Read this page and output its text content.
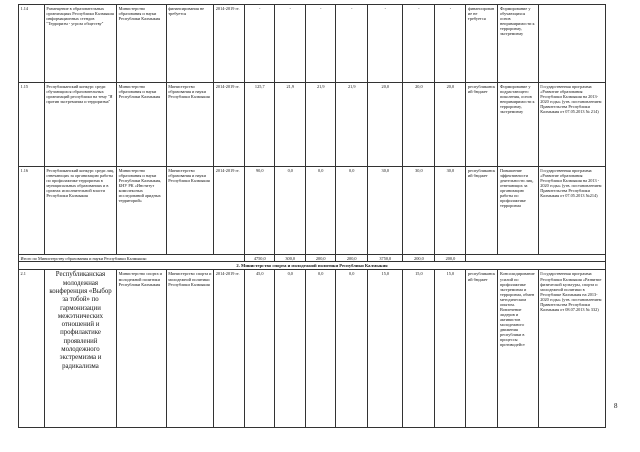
1.14	Размещение в образовательных организациях Республики Калмыкия информационных стендов "Терроризм - угроза обществу"	Министерство образования и науки Республики Калмыкия	финансирования не требуется	2014-2019 гг.	-	-	-	-	-	-	-	финансирование не требуется	Формирование у обучающихся основ непримиримости к терроризму, экстремизму	
1.15	Республиканский конкурс среди обучающихся образовательных организаций республики на тему "Я против экстремизма и терроризма"	Министерство образования и науки Республики Калмыкия	Министерство образования и науки Республики Калмыкия	2014-2019 гг.	125,7	21,9	21,9	21,9	20,0	20,0	20,0	республиканский бюджет	Формирование у подрастающего поколения, основ непримиримости к терроризму, экстремизму	Государственная программа «Развитие образования Республики Калмыкия на 2013-2020 годы» (утв. постановлением Правительства Республики Калмыкия от 07.05.2013 № 214)
1.16	Республиканский конкурс среди лиц, отвечающих за организацию работы по профилактике терроризма в муниципальных образованиях и в органах исполнительной власти Республики Калмыкия	Министерство образования и науки Республики Калмыкия, БНУ РК «Институт комплексных исследований аридных территорий»	Министерство образования и науки Республики Калмыкия	2014-2019 гг.	90,0	0,0	0,0	0,0	30,0	30,0	30,0	республиканский бюджет	Повышение эффективности деятельности лиц, отвечающих за организацию работы по профилактике терроризма	Государственная программа «Развитие образования Республики Калмыкия на 2013 - 2020 годы» (утв. постановлением Правительства Республики Калмыкия от 07.05.2013 №214)
Итого по Министерству образования и науки Республики Калмыкия:					4750,0	300,0	200,0	200,0	3750,0	200,0	200,0			
2. Министерство спорта и молодежной политики Республики Калмыкия														
2.1	Республиканская молодежная конференция «Выбор за тобой» по гармонизации межэтнических отношений и профилактике проявлений молодежного экстремизма и радикализма	Министерство спорта и молодежной политики Республики Калмыкия	Министерство спорта и молодежной политики Республики Калмыкия	2014-2019 гг.	45,0	0,0	0,0	0,0	15,0	15,0	15,0	республиканский бюджет	Консолидирование усилий по профилактике экстремизма и терроризма, обмен методическим опытом. Вовлечение лидеров и активистов молодежного движения республики в процессы противодейст	Государственная программа Республики Калмыкия «Развитие физической культуры, спорта и молодежной политики в Республике Калмыкия на 2013-2020 годы» (утв. постановлением Правительства Республики Калмыкия от 08.07.2013 № 332)
8
